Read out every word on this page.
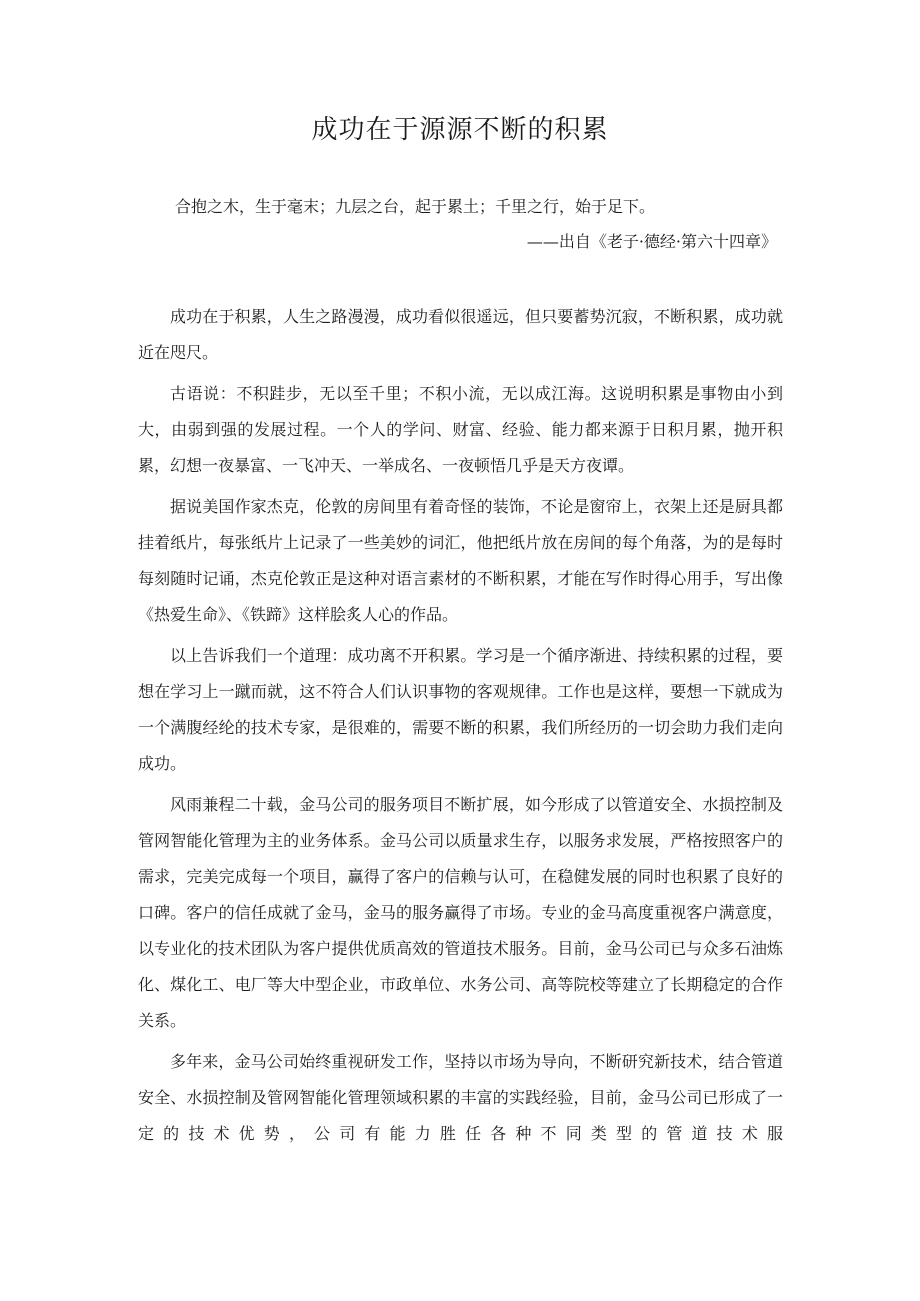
成功在于源源不断的积累
合抱之木，生于毫末；九层之台，起于累土；千里之行，始于足下。
——出自《老子·德经·第六十四章》

成功在于积累，人生之路漫漫，成功看似很遥远，但只要蓄势沉寂，不断积累，成功就近在咫尺。

古语说：不积跬步，无以至千里；不积小流，无以成江海。这说明积累是事物由小到大，由弱到强的发展过程。一个人的学问、财富、经验、能力都来源于日积月累，抛开积累，幻想一夜暴富、一飞冲天、一举成名、一夜顿悟几乎是天方夜谭。

据说美国作家杰克，伦敦的房间里有着奇怪的装饰，不论是窗帘上，衣架上还是厨具都挂着纸片，每张纸片上记录了一些美妙的词汇，他把纸片放在房间的每个角落，为的是每时每刻随时记诵，杰克伦敦正是这种对语言素材的不断积累，才能在写作时得心用手，写出像《热爱生命》、《铁蹄》这样脍炙人心的作品。

以上告诉我们一个道理：成功离不开积累。学习是一个循序渐进、持续积累的过程，要想在学习上一蹴而就，这不符合人们认识事物的客观规律。工作也是这样，要想一下就成为一个满腹经纶的技术专家，是很难的，需要不断的积累，我们所经历的一切会助力我们走向成功。

风雨兼程二十载，金马公司的服务项目不断扩展，如今形成了以管道安全、水损控制及管网智能化管理为主的业务体系。金马公司以质量求生存，以服务求发展，严格按照客户的需求，完美完成每一个项目，赢得了客户的信赖与认可，在稳健发展的同时也积累了良好的口碑。客户的信任成就了金马，金马的服务赢得了市场。专业的金马高度重视客户满意度，以专业化的技术团队为客户提供优质高效的管道技术服务。目前，金马公司已与众多石油炼化、煤化工、电厂等大中型企业，市政单位、水务公司、高等院校等建立了长期稳定的合作关系。

多年来，金马公司始终重视研发工作，坚持以市场为导向，不断研究新技术，结合管道安全、水损控制及管网智能化管理领域积累的丰富的实践经验，目前，金马公司已形成了一定的技术优势，公司有能力胜任各种不同类型的管道技术服
